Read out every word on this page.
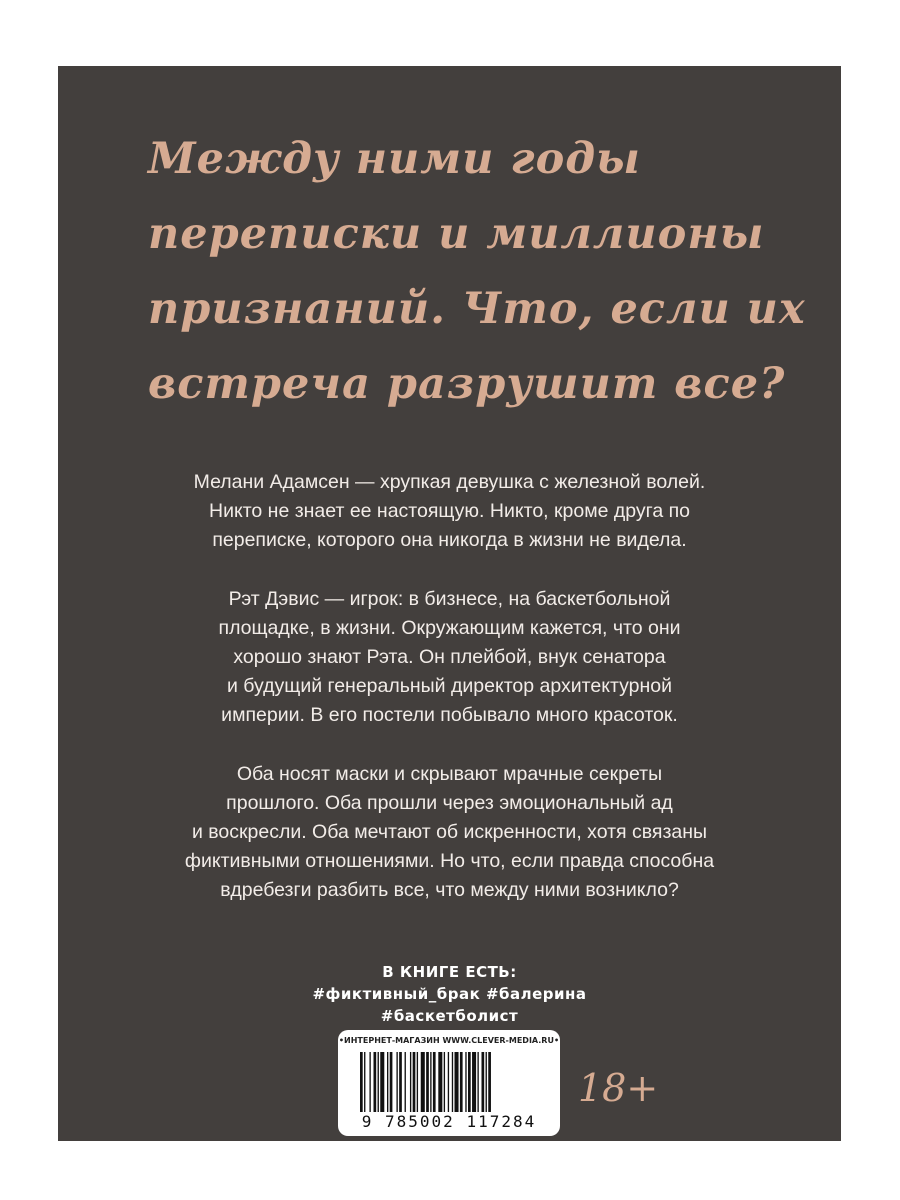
Между ними годы
переписки и миллионы
признаний. Что, если их
встреча разрушит все?

Мелани Адамсен — хрупкая девушка с железной волей.
Никто не знает ее настоящую. Никто, кроме друга по
переписке, которого она никогда в жизни не видела.

Рэт Дэвис — игрок: в бизнесе, на баскетбольной
площадке, в жизни. Окружающим кажется, что они
хорошо знают Рэта. Он плейбой, внук сенатора
и будущий генеральный директор архитектурной
империи. В его постели побывало много красоток.

Оба носят маски и скрывают мрачные секреты
прошлого. Оба прошли через эмоциональный ад
и воскресли. Оба мечтают об искренности, хотя связаны
фиктивными отношениями. Но что, если правда способна
вдребезги разбить все, что между ними возникло?

В КНИГЕ ЕСТЬ:
#фиктивный_брак #балерина
#баскетболист
•ИНТЕРНЕТ-МАГАЗИН WWW.CLEVER-MEDIA.RU•
9 785002 117284
18+
